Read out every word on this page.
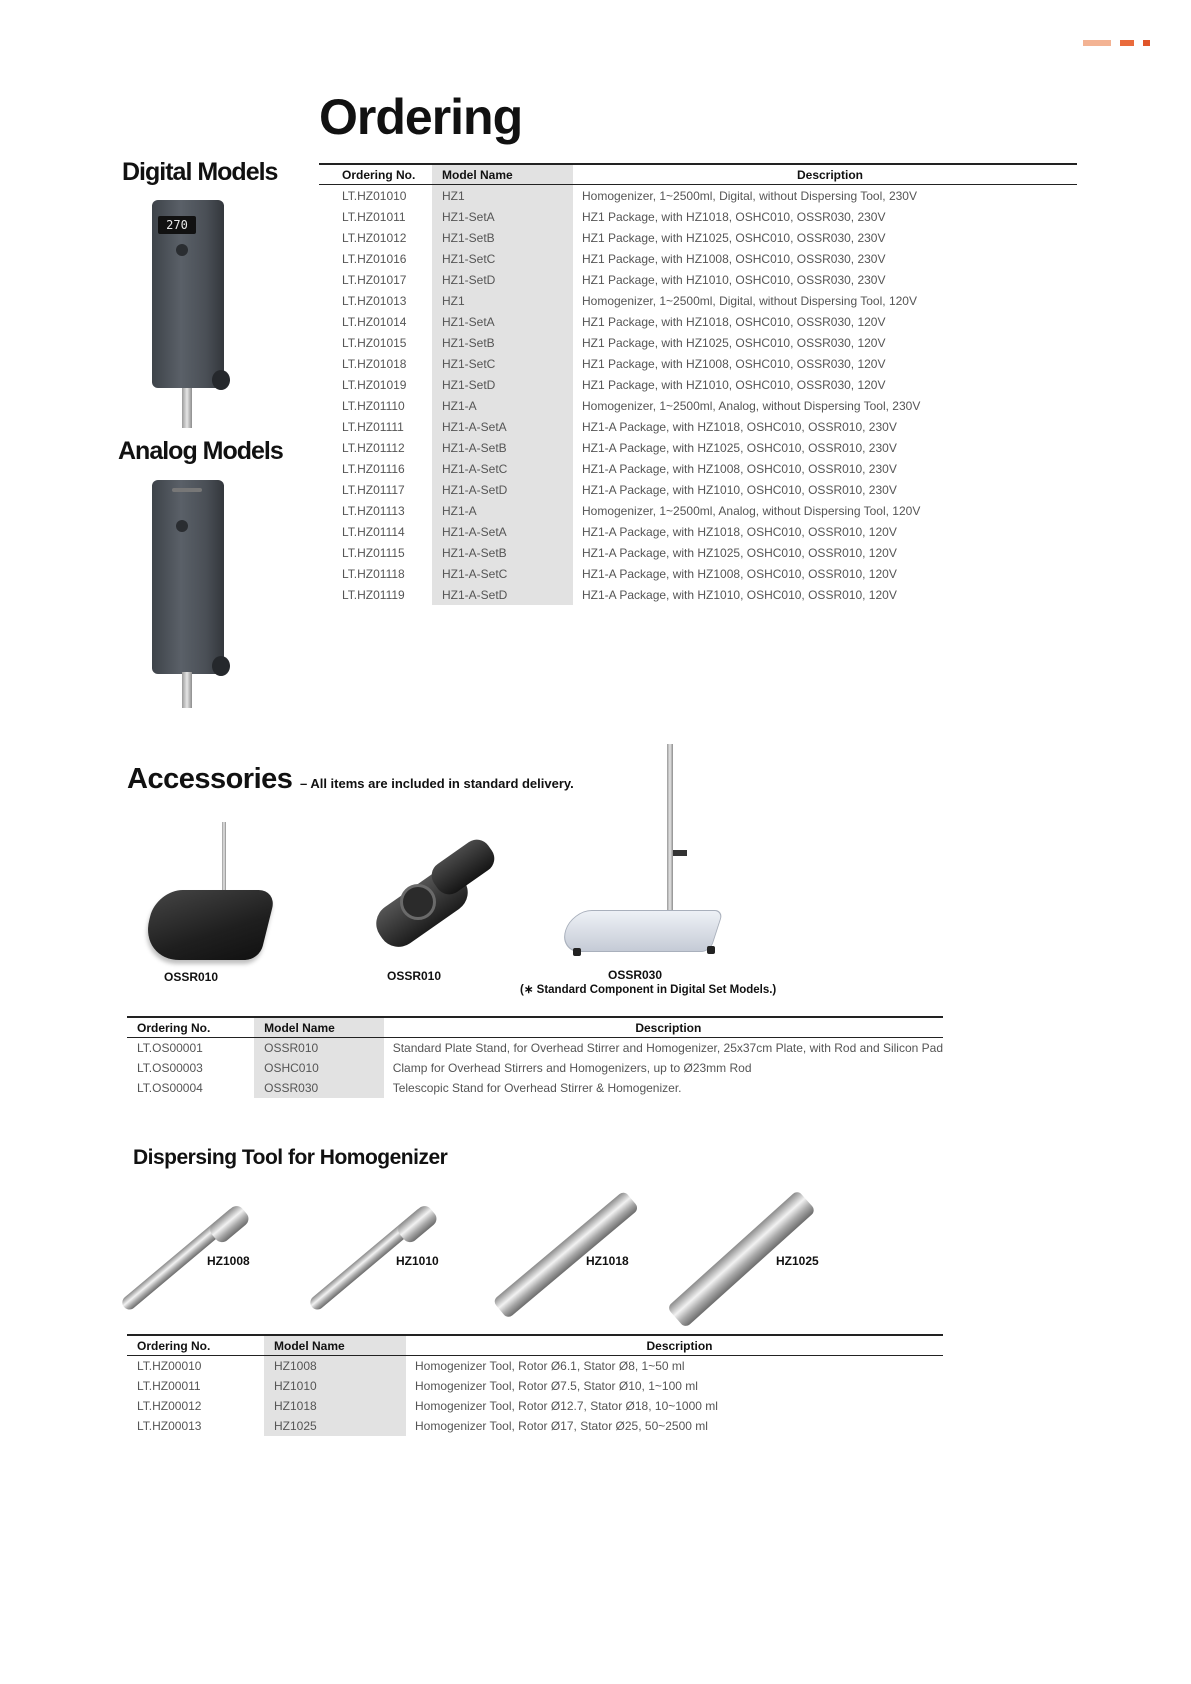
Ordering
Digital Models
270
Analog Models
Ordering No.	Model Name	Description
LT.HZ01010	HZ1	Homogenizer, 1~2500ml, Digital, without Dispersing Tool, 230V
LT.HZ01011	HZ1-SetA	HZ1 Package, with HZ1018, OSHC010, OSSR030, 230V
LT.HZ01012	HZ1-SetB	HZ1 Package, with HZ1025, OSHC010, OSSR030, 230V
LT.HZ01016	HZ1-SetC	HZ1 Package, with HZ1008, OSHC010, OSSR030, 230V
LT.HZ01017	HZ1-SetD	HZ1 Package, with HZ1010, OSHC010, OSSR030, 230V
LT.HZ01013	HZ1	Homogenizer, 1~2500ml, Digital, without Dispersing Tool, 120V
LT.HZ01014	HZ1-SetA	HZ1 Package, with HZ1018, OSHC010, OSSR030, 120V
LT.HZ01015	HZ1-SetB	HZ1 Package, with HZ1025, OSHC010, OSSR030, 120V
LT.HZ01018	HZ1-SetC	HZ1 Package, with HZ1008, OSHC010, OSSR030, 120V
LT.HZ01019	HZ1-SetD	HZ1 Package, with HZ1010, OSHC010, OSSR030, 120V
LT.HZ01110	HZ1-A	Homogenizer, 1~2500ml, Analog, without Dispersing Tool, 230V
LT.HZ01111	HZ1-A-SetA	HZ1-A Package, with HZ1018, OSHC010, OSSR010, 230V
LT.HZ01112	HZ1-A-SetB	HZ1-A Package, with HZ1025, OSHC010, OSSR010, 230V
LT.HZ01116	HZ1-A-SetC	HZ1-A Package, with HZ1008, OSHC010, OSSR010, 230V
LT.HZ01117	HZ1-A-SetD	HZ1-A Package, with HZ1010, OSHC010, OSSR010, 230V
LT.HZ01113	HZ1-A	Homogenizer, 1~2500ml, Analog, without Dispersing Tool, 120V
LT.HZ01114	HZ1-A-SetA	HZ1-A Package, with HZ1018, OSHC010, OSSR010, 120V
LT.HZ01115	HZ1-A-SetB	HZ1-A Package, with HZ1025, OSHC010, OSSR010, 120V
LT.HZ01118	HZ1-A-SetC	HZ1-A Package, with HZ1008, OSHC010, OSSR010, 120V
LT.HZ01119	HZ1-A-SetD	HZ1-A Package, with HZ1010, OSHC010, OSSR010, 120V
Accessories – All items are included in standard delivery.
OSSR010	OSSR010	OSSR030
(∗ Standard Component in Digital Set Models.)
Ordering No.	Model Name	Description
LT.OS00001	OSSR010	Standard Plate Stand, for Overhead Stirrer and Homogenizer, 25x37cm Plate, with Rod and Silicon Pad
LT.OS00003	OSHC010	Clamp for Overhead Stirrers and Homogenizers, up to Ø23mm Rod
LT.OS00004	OSSR030	Telescopic Stand for Overhead Stirrer & Homogenizer.
Dispersing Tool for Homogenizer
HZ1008	HZ1010	HZ1018	HZ1025
Ordering No.	Model Name	Description
LT.HZ00010	HZ1008	Homogenizer Tool, Rotor Ø6.1, Stator Ø8, 1~50 ml
LT.HZ00011	HZ1010	Homogenizer Tool, Rotor Ø7.5, Stator Ø10, 1~100 ml
LT.HZ00012	HZ1018	Homogenizer Tool, Rotor Ø12.7, Stator Ø18, 10~1000 ml
LT.HZ00013	HZ1025	Homogenizer Tool, Rotor Ø17, Stator Ø25, 50~2500 ml
